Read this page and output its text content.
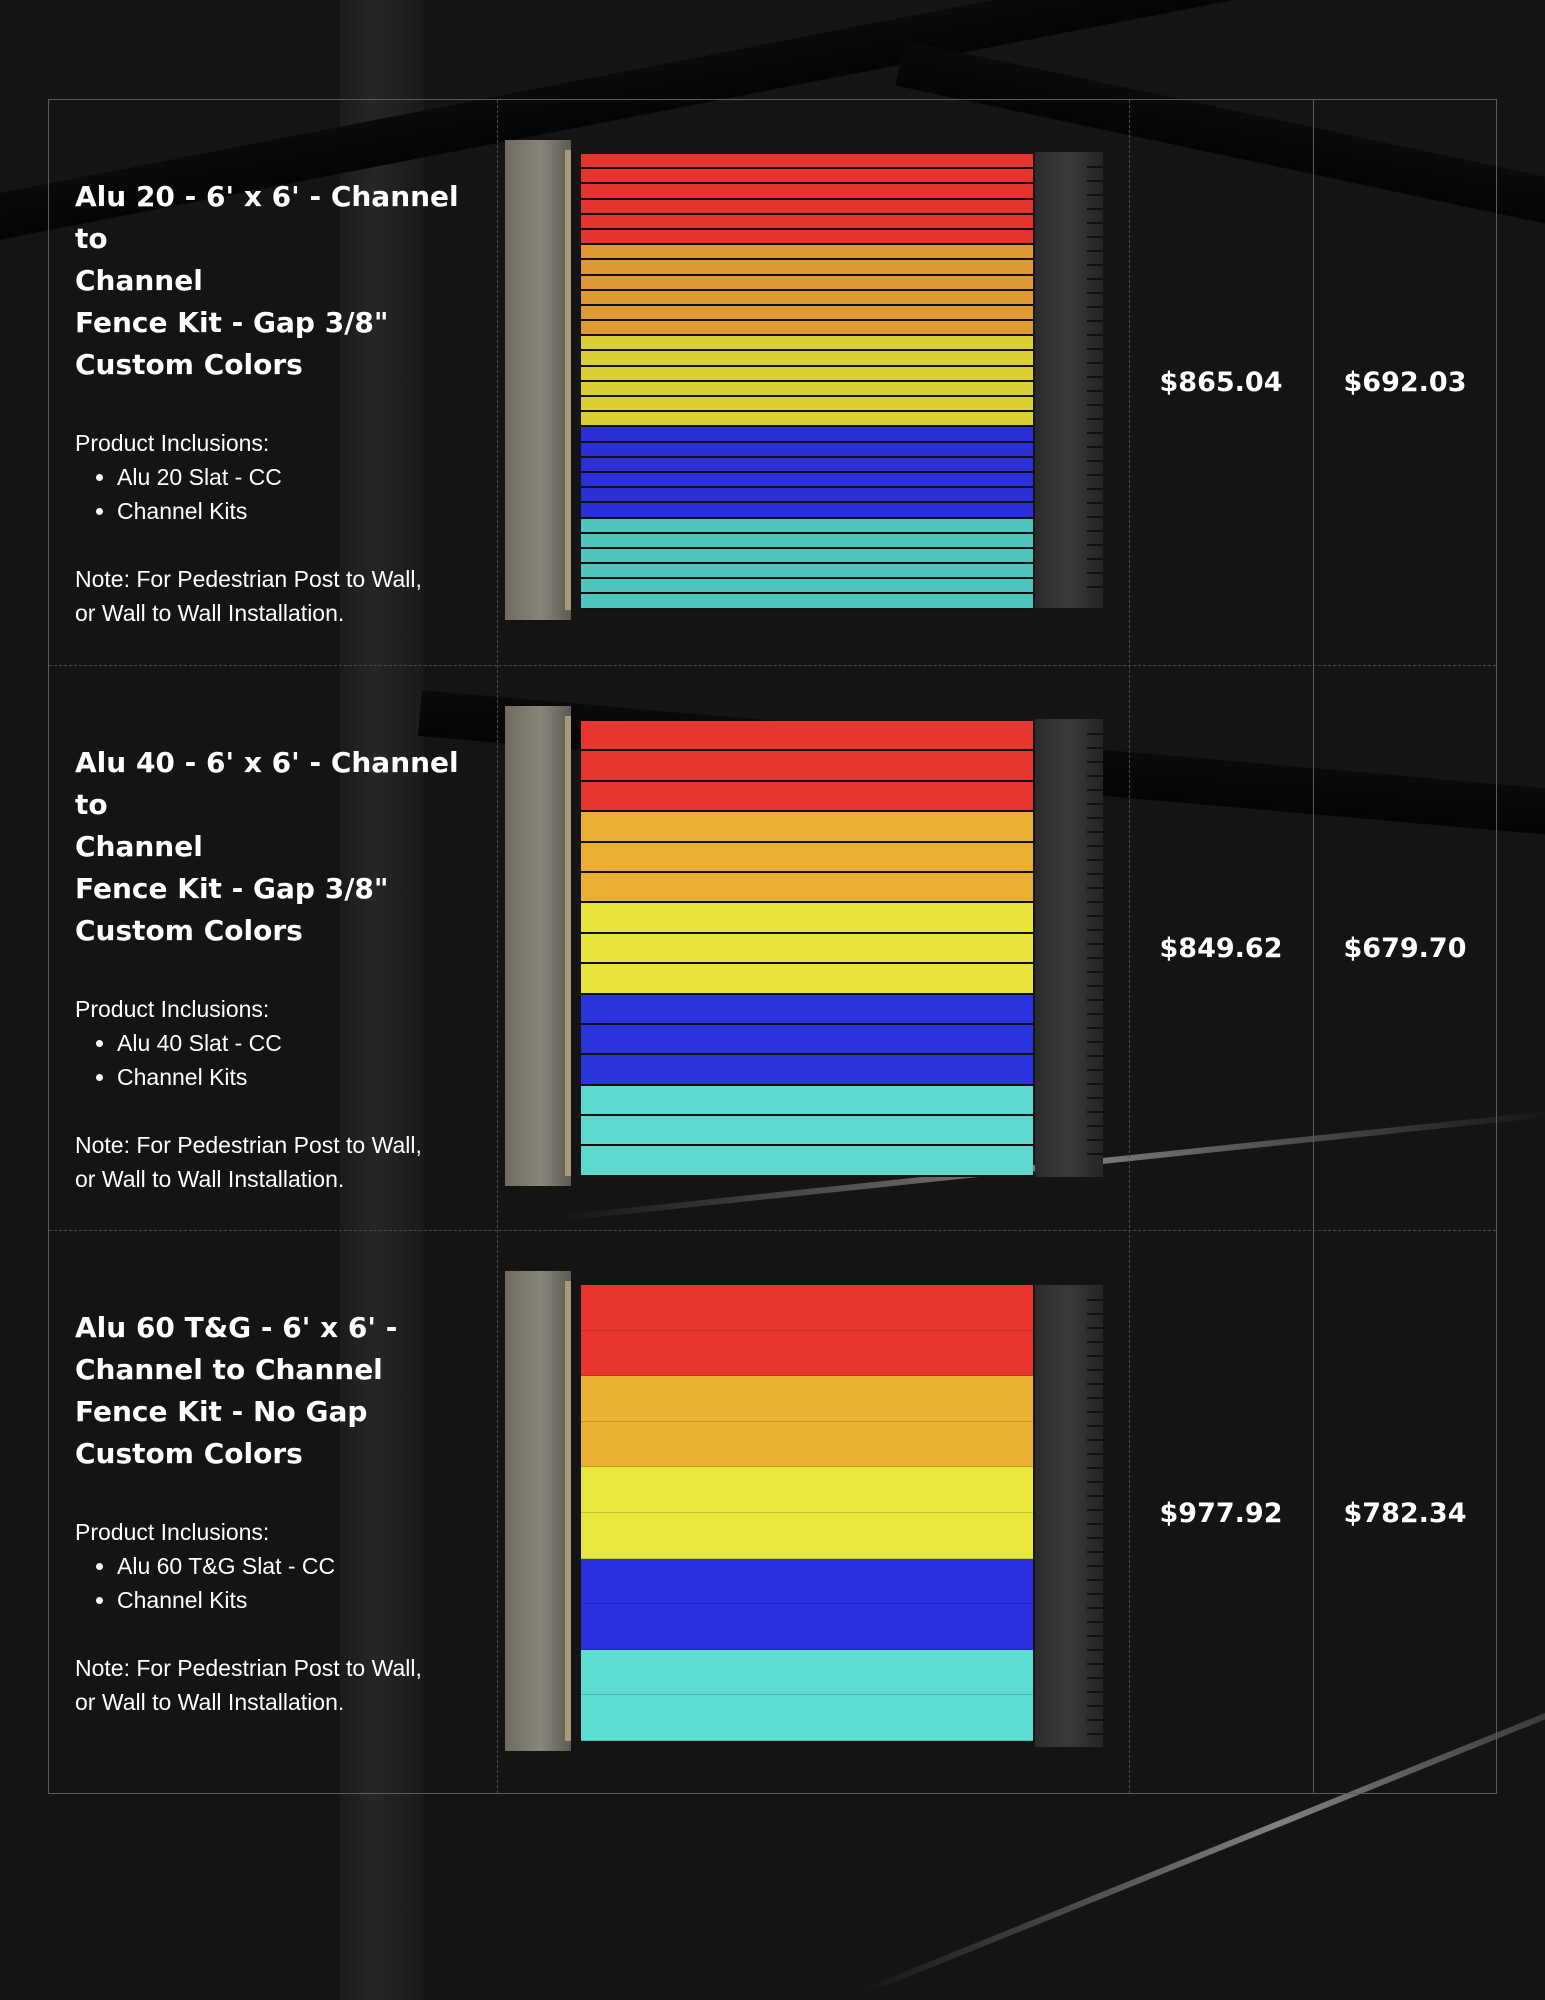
Alu 20 - 6' x 6' - Channel to
Channel
Fence Kit - Gap 3/8"
Custom Colors

Product Inclusions:

• Alu 20 Slat - CC
• Channel Kits

Note: For Pedestrian Post to Wall,
or Wall to Wall Installation.

$865.04	$692.03
Alu 40 - 6' x 6' - Channel to
Channel
Fence Kit - Gap 3/8"
Custom Colors

Product Inclusions:

• Alu 40 Slat - CC
• Channel Kits

Note: For Pedestrian Post to Wall,
or Wall to Wall Installation.

$849.62	$679.70
Alu 60 T&G - 6' x 6' -
Channel to Channel
Fence Kit - No Gap
Custom Colors

Product Inclusions:

• Alu 60 T&G Slat - CC
• Channel Kits

Note: For Pedestrian Post to Wall,
or Wall to Wall Installation.

$977.92	$782.34
